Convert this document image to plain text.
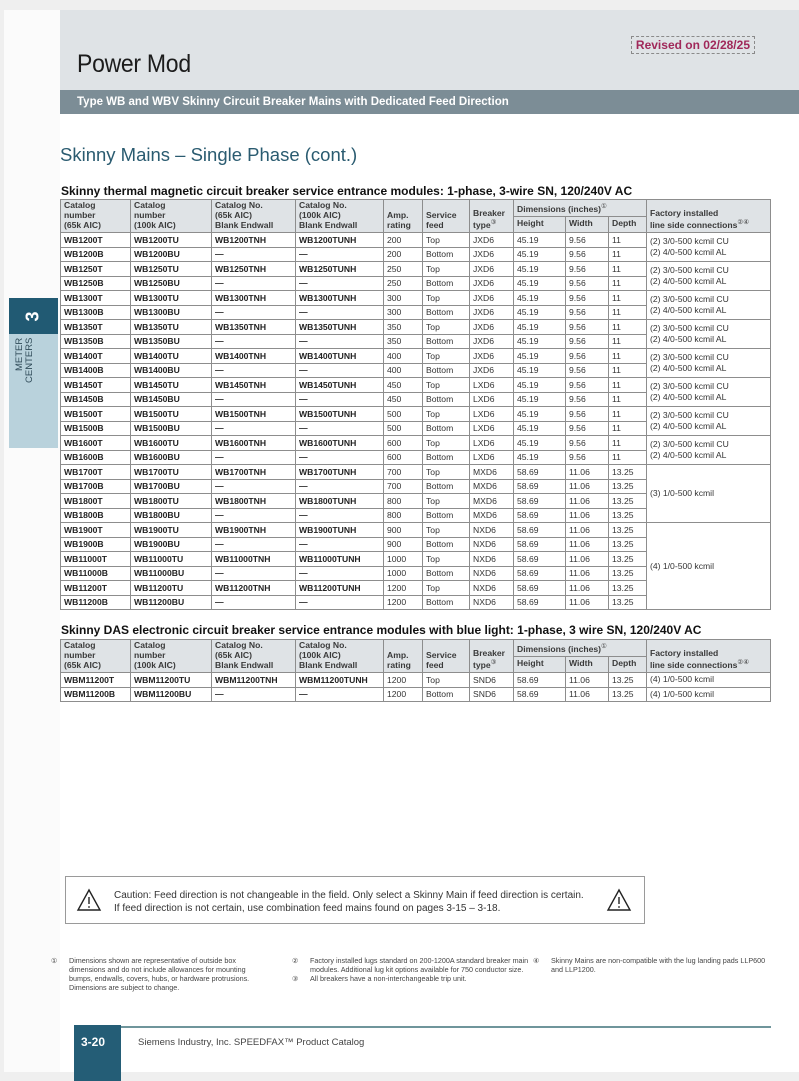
Power Mod
Revised on 02/28/25
Type WB and WBV Skinny Circuit Breaker Mains with Dedicated Feed Direction
3
METER
CENTERS
Skinny Mains – Single Phase (cont.)
Skinny thermal magnetic circuit breaker service entrance modules: 1-phase, 3-wire SN, 120/240V AC
Catalog
number
(65k AIC)	Catalog
number
(100k AIC)	Catalog No.
(65k AIC)
Blank Endwall	Catalog No.
(100k AIC)
Blank Endwall	Amp.
rating	Service
feed	Breaker
type③	Dimensions (inches)①			Factory installed
line side connections②④
							Height	Width	Depth	
WB1200T	WB1200TU	WB1200TNH	WB1200TUNH	200	Top	JXD6	45.19	9.56	11	(2) 3/0-500 kcmil CU
(2) 4/0-500 kcmil AL
WB1200B	WB1200BU	—	—	200	Bottom	JXD6	45.19	9.56	11	
WB1250T	WB1250TU	WB1250TNH	WB1250TUNH	250	Top	JXD6	45.19	9.56	11	(2) 3/0-500 kcmil CU
(2) 4/0-500 kcmil AL
WB1250B	WB1250BU	—	—	250	Bottom	JXD6	45.19	9.56	11	
WB1300T	WB1300TU	WB1300TNH	WB1300TUNH	300	Top	JXD6	45.19	9.56	11	(2) 3/0-500 kcmil CU
(2) 4/0-500 kcmil AL
WB1300B	WB1300BU	—	—	300	Bottom	JXD6	45.19	9.56	11	
WB1350T	WB1350TU	WB1350TNH	WB1350TUNH	350	Top	JXD6	45.19	9.56	11	(2) 3/0-500 kcmil CU
(2) 4/0-500 kcmil AL
WB1350B	WB1350BU	—	—	350	Bottom	JXD6	45.19	9.56	11	
WB1400T	WB1400TU	WB1400TNH	WB1400TUNH	400	Top	JXD6	45.19	9.56	11	(2) 3/0-500 kcmil CU
(2) 4/0-500 kcmil AL
WB1400B	WB1400BU	—	—	400	Bottom	JXD6	45.19	9.56	11	
WB1450T	WB1450TU	WB1450TNH	WB1450TUNH	450	Top	LXD6	45.19	9.56	11	(2) 3/0-500 kcmil CU
(2) 4/0-500 kcmil AL
WB1450B	WB1450BU	—	—	450	Bottom	LXD6	45.19	9.56	11	
WB1500T	WB1500TU	WB1500TNH	WB1500TUNH	500	Top	LXD6	45.19	9.56	11	(2) 3/0-500 kcmil CU
(2) 4/0-500 kcmil AL
WB1500B	WB1500BU	—	—	500	Bottom	LXD6	45.19	9.56	11	
WB1600T	WB1600TU	WB1600TNH	WB1600TUNH	600	Top	LXD6	45.19	9.56	11	(2) 3/0-500 kcmil CU
(2) 4/0-500 kcmil AL
WB1600B	WB1600BU	—	—	600	Bottom	LXD6	45.19	9.56	11	
WB1700T	WB1700TU	WB1700TNH	WB1700TUNH	700	Top	MXD6	58.69	11.06	13.25	(3) 1/0-500 kcmil
WB1700B	WB1700BU	—	—	700	Bottom	MXD6	58.69	11.06	13.25	
WB1800T	WB1800TU	WB1800TNH	WB1800TUNH	800	Top	MXD6	58.69	11.06	13.25	
WB1800B	WB1800BU	—	—	800	Bottom	MXD6	58.69	11.06	13.25	
WB1900T	WB1900TU	WB1900TNH	WB1900TUNH	900	Top	NXD6	58.69	11.06	13.25	(4) 1/0-500 kcmil
WB1900B	WB1900BU	—	—	900	Bottom	NXD6	58.69	11.06	13.25	
WB11000T	WB11000TU	WB11000TNH	WB11000TUNH	1000	Top	NXD6	58.69	11.06	13.25	
WB11000B	WB11000BU	—	—	1000	Bottom	NXD6	58.69	11.06	13.25	
WB11200T	WB11200TU	WB11200TNH	WB11200TUNH	1200	Top	NXD6	58.69	11.06	13.25	
WB11200B	WB11200BU	—	—	1200	Bottom	NXD6	58.69	11.06	13.25	
Skinny DAS electronic circuit breaker service entrance modules with blue light: 1-phase, 3 wire SN, 120/240V AC
Catalog
number
(65k AIC)	Catalog
number
(100k AIC)	Catalog No.
(65k AIC)
Blank Endwall	Catalog No.
(100k AIC)
Blank Endwall	Amp.
rating	Service
feed	Breaker
type③	Dimensions (inches)①			Factory installed
line side connections②④
							Height	Width	Depth	
WBM11200T	WBM11200TU	WBM11200TNH	WBM11200TUNH	1200	Top	SND6	58.69	11.06	13.25	(4) 1/0-500 kcmil
WBM11200B	WBM11200BU	—	—	1200	Bottom	SND6	58.69	11.06	13.25	(4) 1/0-500 kcmil
Caution: Feed direction is not changeable in the field. Only select a Skinny Main if feed direction is certain. If feed direction is not certain, use combination feed mains found on pages 3-15 – 3-18.
① Dimensions shown are representative of outside box dimensions and do not include allowances for mounting bumps, endwalls, covers, hubs, or hardware protrusions. Dimensions are subject to change.
② Factory installed lugs standard on 200-1200A standard breaker main modules. Additional lug kit options available for 750 conductor size.
③ All breakers have a non-interchangeable trip unit.
④ Skinny Mains are non-compatible with the lug landing pads LLP600 and LLP1200.
3-20	Siemens Industry, Inc. SPEEDFAX™ Product Catalog
